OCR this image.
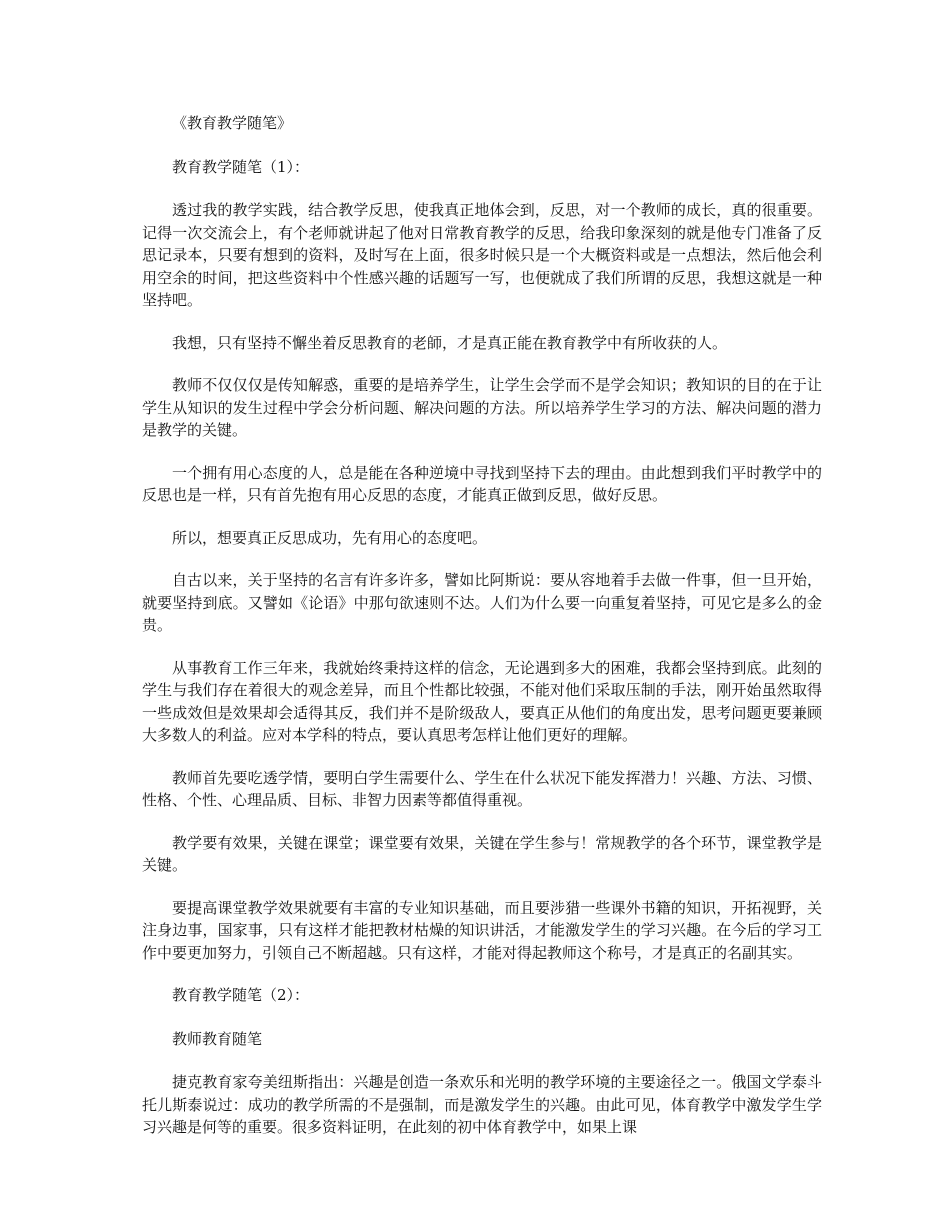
《教育教学随笔》

教育教学随笔（1）：

透过我的教学实践，结合教学反思，使我真正地体会到，反思，对一个教师的成长，真的很重要。记得一次交流会上，有个老师就讲起了他对日常教育教学的反思，给我印象深刻的就是他专门准备了反思记录本，只要有想到的资料，及时写在上面，很多时候只是一个大概资料或是一点想法，然后他会利用空余的时间，把这些资料中个性感兴趣的话题写一写，也便就成了我们所谓的反思，我想这就是一种坚持吧。

我想，只有坚持不懈坐着反思教育的老師，才是真正能在教育教学中有所收获的人。

教师不仅仅仅是传知解惑，重要的是培养学生，让学生会学而不是学会知识；教知识的目的在于让学生从知识的发生过程中学会分析问题、解决问题的方法。所以培养学生学习的方法、解决问题的潜力是教学的关键。

一个拥有用心态度的人，总是能在各种逆境中寻找到坚持下去的理由。由此想到我们平时教学中的反思也是一样，只有首先抱有用心反思的态度，才能真正做到反思，做好反思。

所以，想要真正反思成功，先有用心的态度吧。

自古以来，关于坚持的名言有许多许多，譬如比阿斯说：要从容地着手去做一件事，但一旦开始，就要坚持到底。又譬如《论语》中那句欲速则不达。人们为什么要一向重复着坚持，可见它是多么的金贵。

从事教育工作三年来，我就始终秉持这样的信念，无论遇到多大的困难，我都会坚持到底。此刻的学生与我们存在着很大的观念差异，而且个性都比较强，不能对他们采取压制的手法，刚开始虽然取得一些成效但是效果却会适得其反，我们并不是阶级敌人，要真正从他们的角度出发，思考问题更要兼顾大多数人的利益。应对本学科的特点，要认真思考怎样让他们更好的理解。

教师首先要吃透学情，要明白学生需要什么、学生在什么状况下能发挥潜力！兴趣、方法、习惯、性格、个性、心理品质、目标、非智力因素等都值得重视。

教学要有效果，关键在课堂；课堂要有效果，关键在学生参与！常规教学的各个环节，课堂教学是关键。

要提高课堂教学效果就要有丰富的专业知识基础，而且要涉猎一些课外书籍的知识，开拓视野，关注身边事，国家事，只有这样才能把教材枯燥的知识讲活，才能激发学生的学习兴趣。在今后的学习工作中要更加努力，引领自己不断超越。只有这样，才能对得起教师这个称号，才是真正的名副其实。

教育教学随笔（2）：

教师教育随笔

捷克教育家夸美纽斯指出：兴趣是创造一条欢乐和光明的教学环境的主要途径之一。俄国文学泰斗托儿斯泰说过：成功的教学所需的不是强制，而是激发学生的兴趣。由此可见，体育教学中激发学生学习兴趣是何等的重要。很多资料证明，在此刻的初中体育教学中，如果上课
